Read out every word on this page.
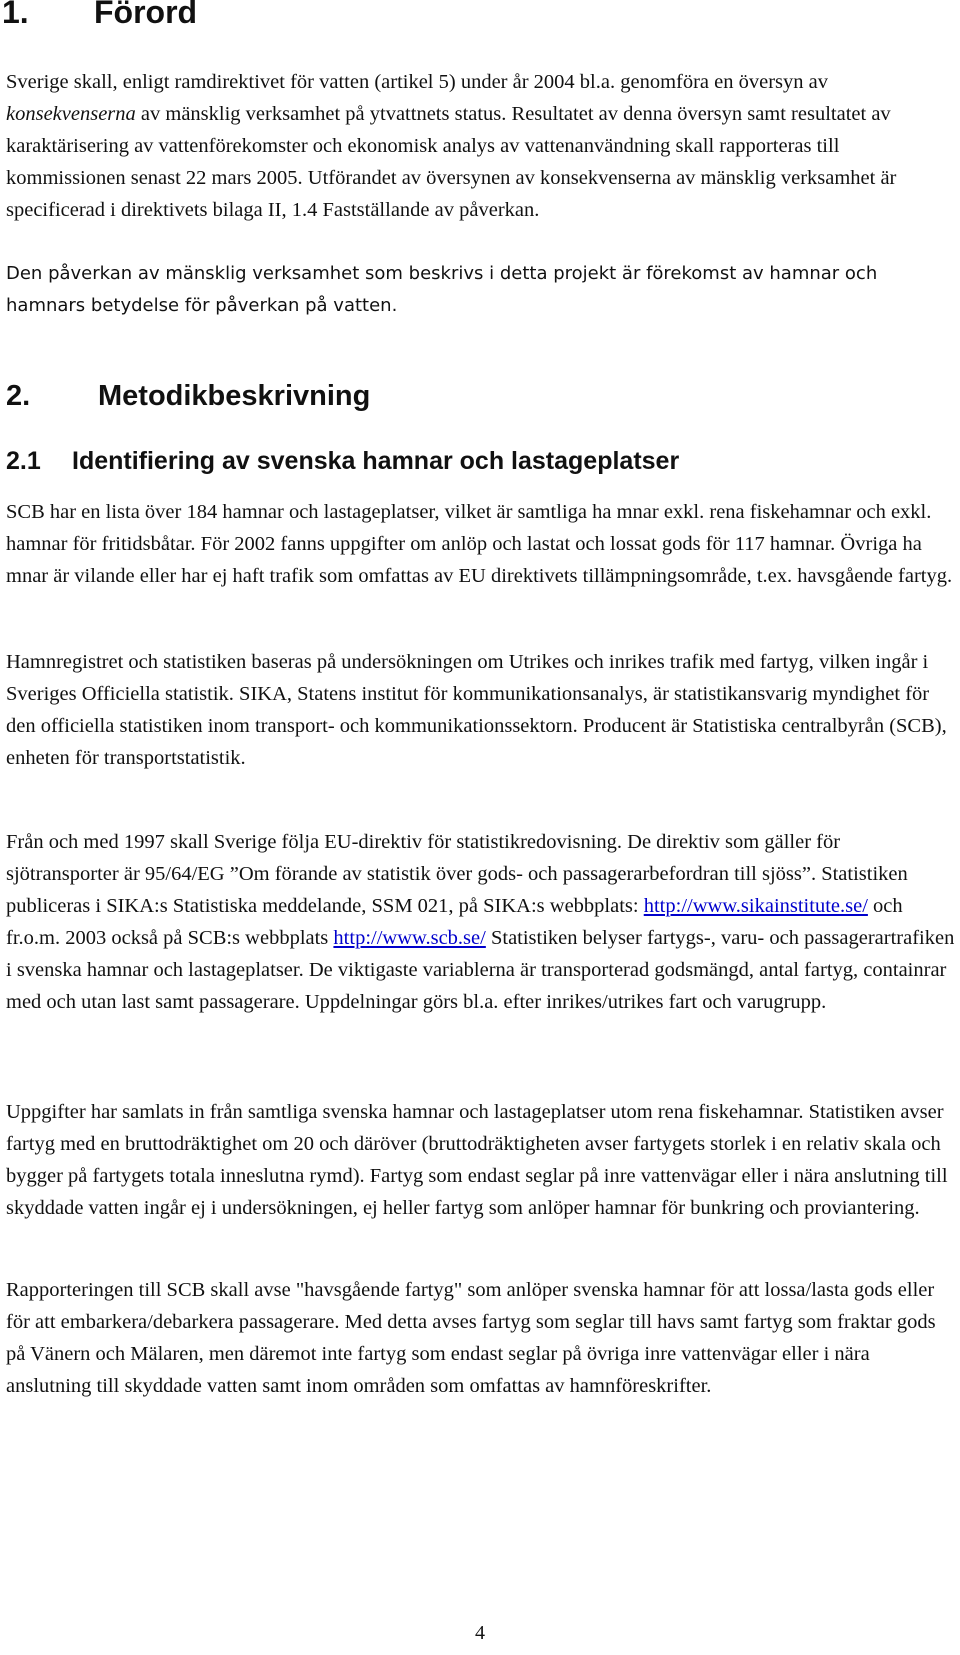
1. Förord

Sverige skall, enligt ramdirektivet för vatten (artikel 5) under år 2004 bl.a. genomföra en översyn av konsekvenserna av mänsklig verksamhet på ytvattnets status. Resultatet av denna översyn samt resultatet av karaktärisering av vattenförekomster och ekonomisk analys av vattenanvändning skall rapporteras till kommissionen senast 22 mars 2005. Utförandet av översynen av konsekvenserna av mänsklig verksamhet är specificerad i direktivets bilaga II, 1.4 Fastställande av påverkan.

Den påverkan av mänsklig verksamhet som beskrivs i detta projekt är förekomst av hamnar och hamnars betydelse för påverkan på vatten.

2. Metodikbeskrivning
2.1 Identifiering av svenska hamnar och lastageplatser

SCB har en lista över 184 hamnar och lastageplatser, vilket är samtliga ha mnar exkl. rena fiskehamnar och exkl. hamnar för fritidsbåtar. För 2002 fanns uppgifter om anlöp och lastat och lossat gods för 117 hamnar. Övriga ha mnar är vilande eller har ej haft trafik som omfattas av EU direktivets tillämpningsområde, t.ex. havsgående fartyg.

Hamnregistret och statistiken baseras på undersökningen om Utrikes och inrikes trafik med fartyg, vilken ingår i Sveriges Officiella statistik. SIKA, Statens institut för kommunikationsanalys, är statistikansvarig myndighet för den officiella statistiken inom transport- och kommunikationssektorn. Producent är Statistiska centralbyrån (SCB), enheten för transportstatistik.

Från och med 1997 skall Sverige följa EU-direktiv för statistikredovisning. De direktiv som gäller för sjötransporter är 95/64/EG ”Om förande av statistik över gods- och passagerarbefordran till sjöss”. Statistiken publiceras i SIKA:s Statistiska meddelande, SSM 021, på SIKA:s webbplats: http://www.sikainstitute.se/ och fr.o.m. 2003 också på SCB:s webbplats http://www.scb.se/ Statistiken belyser fartygs-, varu- och passagerartrafiken i svenska hamnar och lastageplatser. De viktigaste variablerna är transporterad godsmängd, antal fartyg, containrar med och utan last samt passagerare. Uppdelningar görs bl.a. efter inrikes/utrikes fart och varugrupp.

Uppgifter har samlats in från samtliga svenska hamnar och lastageplatser utom rena fiskehamnar. Statistiken avser fartyg med en bruttodräktighet om 20 och däröver (bruttodräktigheten avser fartygets storlek i en relativ skala och bygger på fartygets totala inneslutna rymd). Fartyg som endast seglar på inre vattenvägar eller i nära anslutning till skyddade vatten ingår ej i undersökningen, ej heller fartyg som anlöper hamnar för bunkring och proviantering.

Rapporteringen till SCB skall avse "havsgående fartyg" som anlöper svenska hamnar för att lossa/lasta gods eller för att embarkera/debarkera passagerare. Med detta avses fartyg som seglar till havs samt fartyg som fraktar gods på Vänern och Mälaren, men däremot inte fartyg som endast seglar på övriga inre vattenvägar eller i nära anslutning till skyddade vatten samt inom områden som omfattas av hamnföreskrifter.

4
